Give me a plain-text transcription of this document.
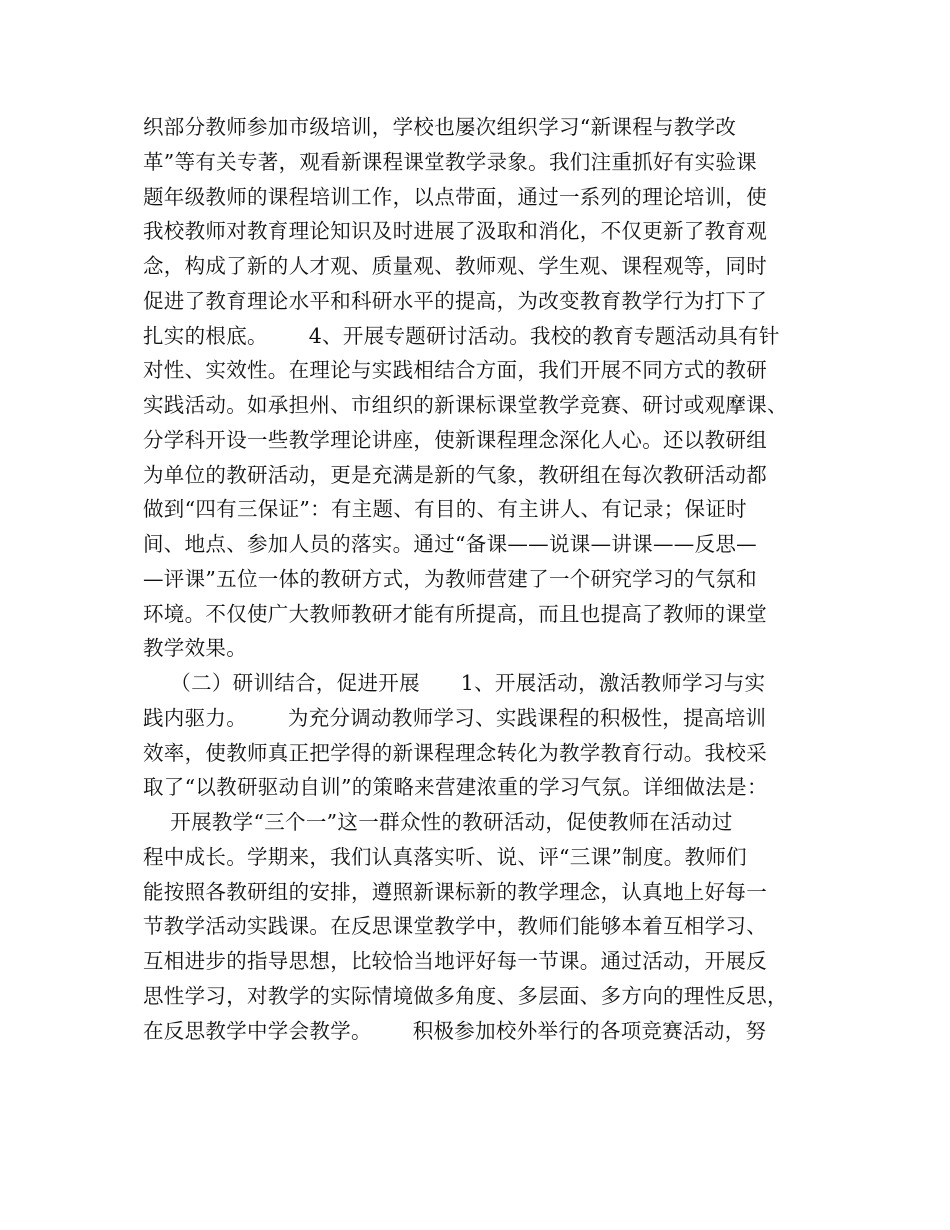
织部分教师参加市级培训，学校也屡次组织学习“新课程与教学改
革”等有关专著，观看新课程课堂教学录象。我们注重抓好有实验课
题年级教师的课程培训工作，以点带面，通过一系列的理论培训，使
我校教师对教育理论知识及时进展了汲取和消化，不仅更新了教育观
念，构成了新的人才观、质量观、教师观、学生观、课程观等，同时
促进了教育理论水平和科研水平的提高，为改变教育教学行为打下了
扎实的根底。      4、开展专题研讨活动。我校的教育专题活动具有针
对性、实效性。在理论与实践相结合方面，我们开展不同方式的教研
实践活动。如承担州、市组织的新课标课堂教学竞赛、研讨或观摩课、
分学科开设一些教学理论讲座，使新课程理念深化人心。还以教研组
为单位的教研活动，更是充满是新的气象，教研组在每次教研活动都
做到“四有三保证”：有主题、有目的、有主讲人、有记录；保证时
间、地点、参加人员的落实。通过“备课——说课—讲课——反思—
—评课”五位一体的教研方式，为教师营建了一个研究学习的气氛和
环境。不仅使广大教师教研才能有所提高，而且也提高了教师的课堂
教学效果。
（二）研训结合，促进开展      1、开展活动，激活教师学习与实
践内驱力。      为充分调动教师学习、实践课程的积极性，提高培训
效率，使教师真正把学得的新课程理念转化为教学教育行动。我校采
取了“以教研驱动自训”的策略来营建浓重的学习气氛。详细做法是：
开展教学“三个一”这一群众性的教研活动，促使教师在活动过
程中成长。学期来，我们认真落实听、说、评“三课”制度。教师们
能按照各教研组的安排，遵照新课标新的教学理念，认真地上好每一
节教学活动实践课。在反思课堂教学中，教师们能够本着互相学习、
互相进步的指导思想，比较恰当地评好每一节课。通过活动，开展反
思性学习，对教学的实际情境做多角度、多层面、多方向的理性反思，
在反思教学中学会教学。      积极参加校外举行的各项竞赛活动，努
